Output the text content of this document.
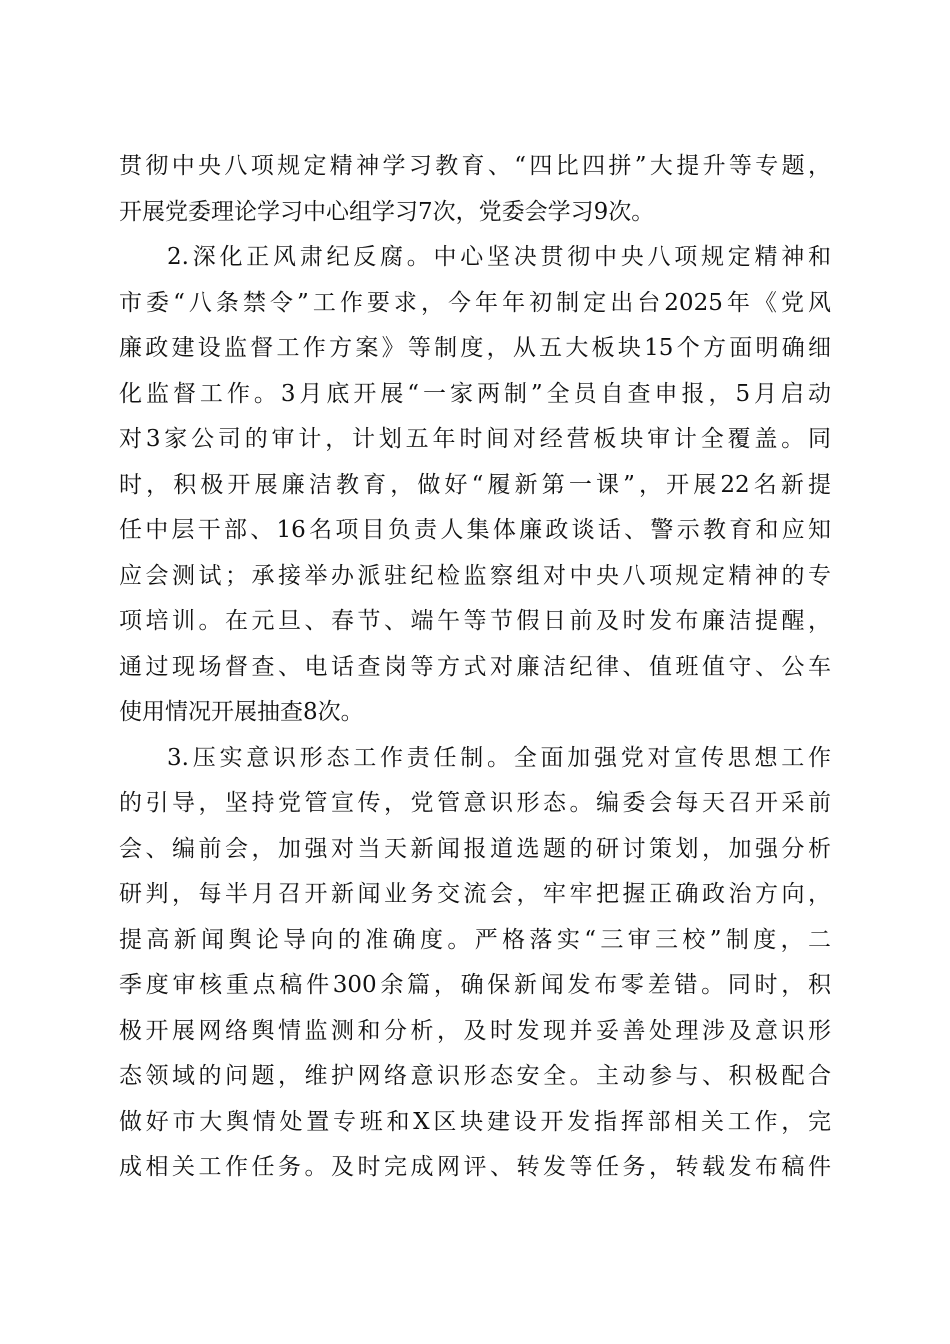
贯彻中央八项规定精神学习教育、“四比四拼”大提升等专题，
开展党委理论学习中心组学习7次，党委会学习9次。
2.深化正风肃纪反腐。中心坚决贯彻中央八项规定精神和
市委“八条禁令”工作要求，今年年初制定出台2025年《党风
廉政建设监督工作方案》等制度，从五大板块15个方面明确细
化监督工作。3月底开展“一家两制”全员自查申报，5月启动
对3家公司的审计，计划五年时间对经营板块审计全覆盖。同
时，积极开展廉洁教育，做好“履新第一课”，开展22名新提
任中层干部、16名项目负责人集体廉政谈话、警示教育和应知
应会测试；承接举办派驻纪检监察组对中央八项规定精神的专
项培训。在元旦、春节、端午等节假日前及时发布廉洁提醒，
通过现场督查、电话查岗等方式对廉洁纪律、值班值守、公车
使用情况开展抽查8次。
3.压实意识形态工作责任制。全面加强党对宣传思想工作
的引导，坚持党管宣传，党管意识形态。编委会每天召开采前
会、编前会，加强对当天新闻报道选题的研讨策划，加强分析
研判，每半月召开新闻业务交流会，牢牢把握正确政治方向，
提高新闻舆论导向的准确度。严格落实“三审三校”制度，二
季度审核重点稿件300余篇，确保新闻发布零差错。同时，积
极开展网络舆情监测和分析，及时发现并妥善处理涉及意识形
态领域的问题，维护网络意识形态安全。主动参与、积极配合
做好市大舆情处置专班和X区块建设开发指挥部相关工作，完
成相关工作任务。及时完成网评、转发等任务，转载发布稿件
